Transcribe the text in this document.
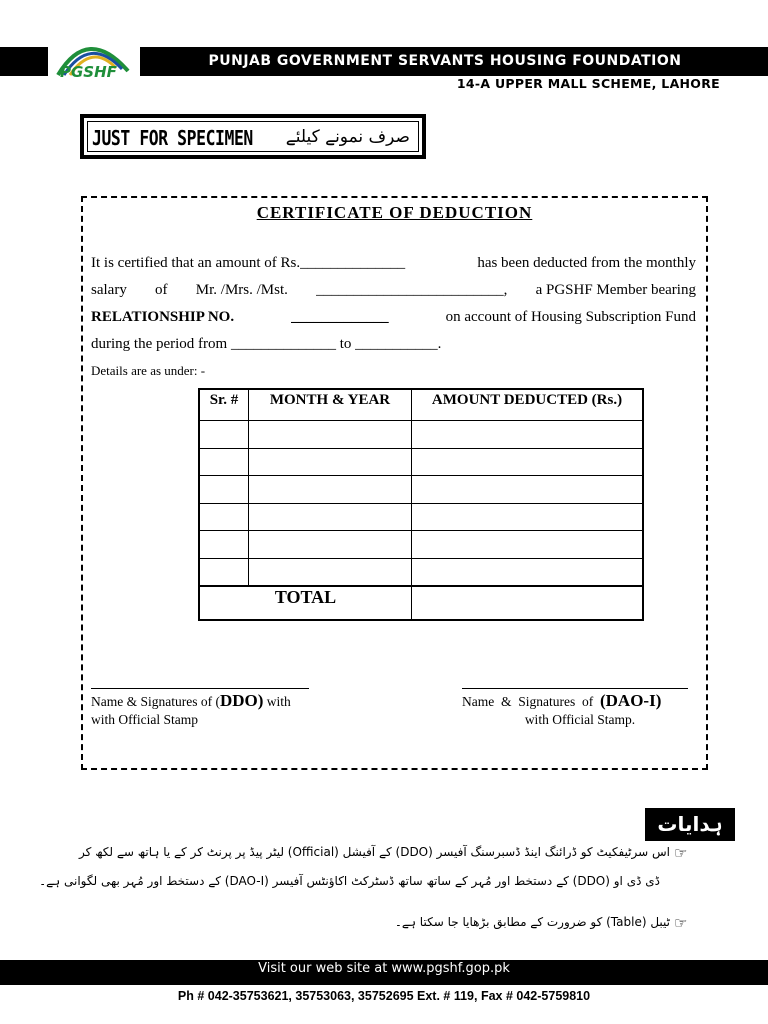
PGSHF
PUNJAB GOVERNMENT SERVANTS HOUSING FOUNDATION
14-A UPPER MALL SCHEME, LAHORE
JUST FOR SPECIMEN صرف نمونے کیلئے
CERTIFICATE OF DEDUCTION
It is certified that an amount of Rs.______________	has been deducted from the monthly
salary of Mr. /Mrs. /Mst. _________________________, a PGSHF Member bearing
RELATIONSHIP NO.	_____________	on account of Housing Subscription Fund
during the period from ______________ to ___________.
Details are as under: -
Sr. #	MONTH & YEAR	AMOUNT DEDUCTED (Rs.)

TOTAL		
Name & Signatures of (DDO) with
with Official Stamp
Name  &  Signatures  of  (DAO-I)
with Official Stamp.
ہدایات
☞
اس سرٹیفکیٹ کو ڈرائنگ اینڈ ڈسبرسنگ آفیسر (DDO) کے آفیشل (Official) لیٹر پیڈ پر پرنٹ کر کے یا ہاتھ سے لکھ کر
ڈی ڈی او (DDO) کے دستخط اور مُہر کے ساتھ ساتھ ڈسٹرکٹ اکاؤنٹس آفیسر (DAO-I) کے دستخط اور مُہر بھی لگوانی ہے۔
☞
ٹیبل (Table) کو ضرورت کے مطابق بڑھایا جا سکتا ہے۔
Visit our web site at www.pgshf.gop.pk
Ph # 042-35753621, 35753063, 35752695 Ext. # 119, Fax # 042-5759810
